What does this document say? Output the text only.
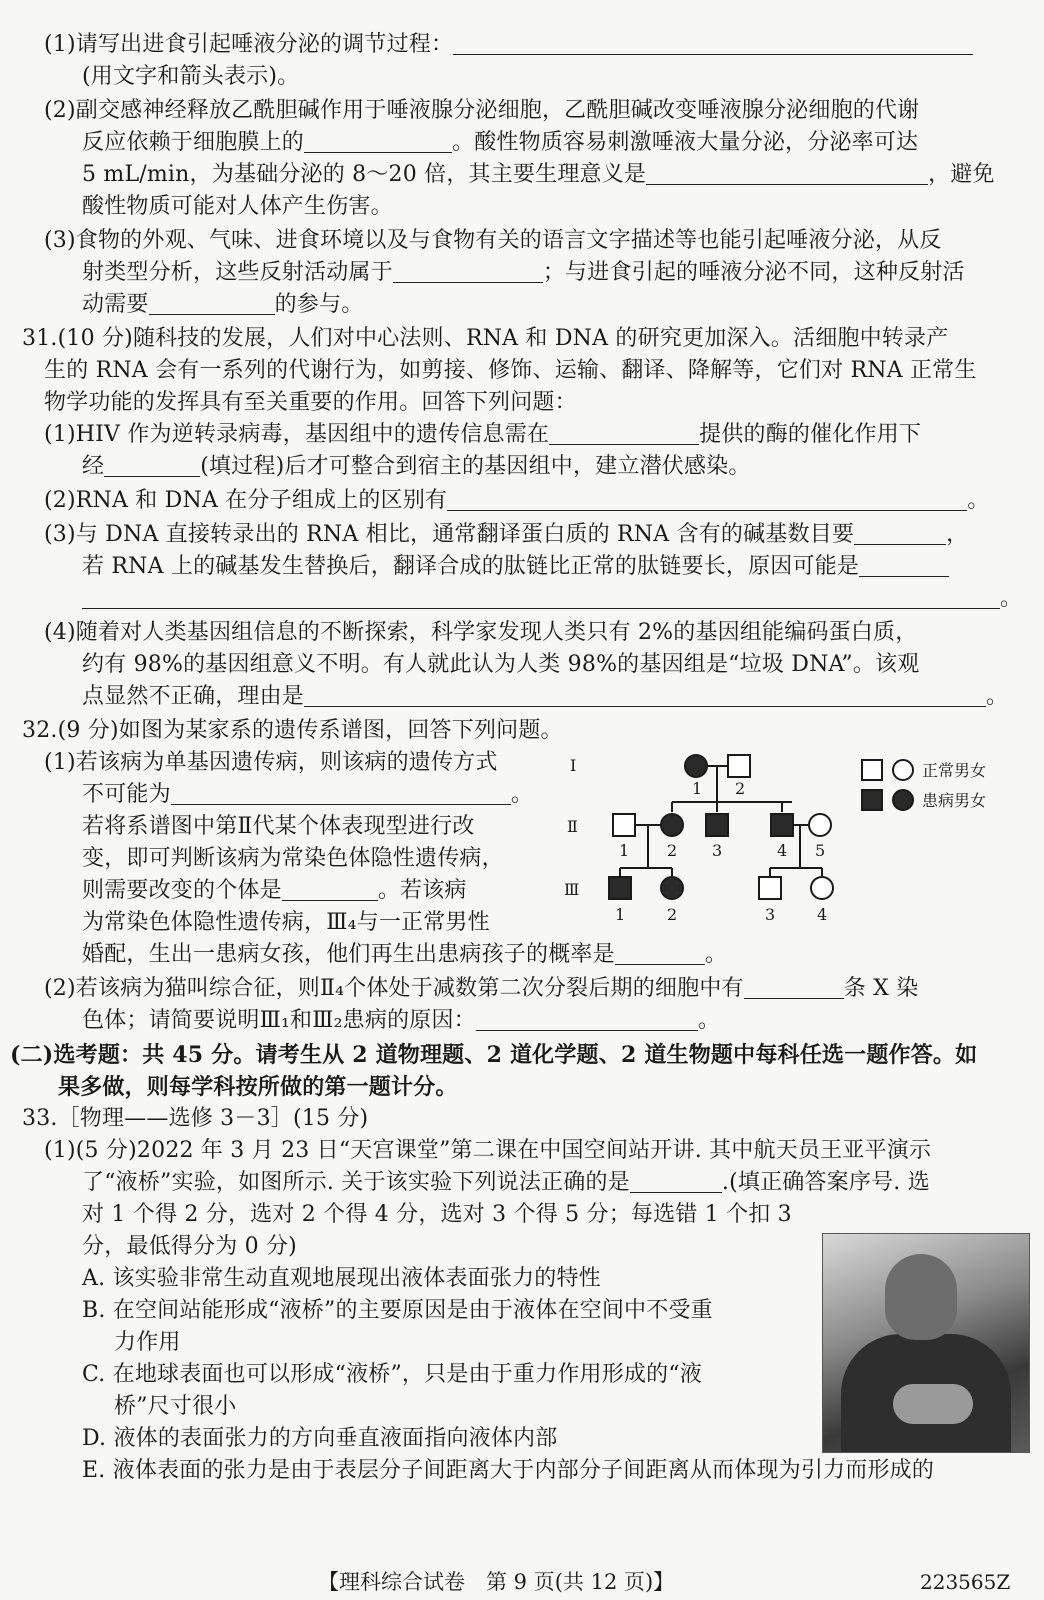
(1)请写出进食引起唾液分泌的调节过程：
(用文字和箭头表示)。
(2)副交感神经释放乙酰胆碱作用于唾液腺分泌细胞，乙酰胆碱改变唾液腺分泌细胞的代谢
反应依赖于细胞膜上的	。酸性物质容易刺激唾液大量分泌，分泌率可达
5 mL/min，为基础分泌的 8～20 倍，其主要生理意义是	，避免
酸性物质可能对人体产生伤害。
(3)食物的外观、气味、进食环境以及与食物有关的语言文字描述等也能引起唾液分泌，从反
射类型分析，这些反射活动属于	；与进食引起的唾液分泌不同，这种反射活
动需要	的参与。
31.(10 分)随科技的发展，人们对中心法则、RNA 和 DNA 的研究更加深入。活细胞中转录产
生的 RNA 会有一系列的代谢行为，如剪接、修饰、运输、翻译、降解等，它们对 RNA 正常生
物学功能的发挥具有至关重要的作用。回答下列问题：
(1)HIV 作为逆转录病毒，基因组中的遗传信息需在	提供的酶的催化作用下
经	(填过程)后才可整合到宿主的基因组中，建立潜伏感染。
(2)RNA 和 DNA 在分子组成上的区别有	。
(3)与 DNA 直接转录出的 RNA 相比，通常翻译蛋白质的 RNA 含有的碱基数目要	，
若 RNA 上的碱基发生替换后，翻译合成的肽链比正常的肽链要长，原因可能是
。
(4)随着对人类基因组信息的不断探索，科学家发现人类只有 2%的基因组能编码蛋白质，
约有 98%的基因组意义不明。有人就此认为人类 98%的基因组是“垃圾 DNA”。该观
点显然不正确，理由是	。
32.(9 分)如图为某家系的遗传系谱图，回答下列问题。
(1)若该病为单基因遗传病，则该病的遗传方式
不可能为	。
若将系谱图中第Ⅱ代某个体表现型进行改
变，即可判断该病为常染色体隐性遗传病，
则需要改变的个体是	。若该病
为常染色体隐性遗传病，Ⅲ₄与一正常男性
婚配，生出一患病女孩，他们再生出患病孩子的概率是	。
(2)若该病为猫叫综合征，则Ⅱ₄个体处于减数第二次分裂后期的细胞中有	条 X 染
色体；请简要说明Ⅲ₁和Ⅲ₂患病的原因：	。
Ⅰ
Ⅱ
Ⅲ
1 2
1 2 3	4 5
1	2	3	4
正常男女
患病男女
(二)选考题：共 45 分。请考生从 2 道物理题、2 道化学题、2 道生物题中每科任选一题作答。如
果多做，则每学科按所做的第一题计分。
33.［物理——选修 3－3］(15 分)
(1)(5 分)2022 年 3 月 23 日“天宫课堂”第二课在中国空间站开讲. 其中航天员王亚平演示
了“液桥”实验，如图所示. 关于该实验下列说法正确的是	.(填正确答案序号. 选
对 1 个得 2 分，选对 2 个得 4 分，选对 3 个得 5 分；每选错 1 个扣 3
分，最低得分为 0 分)
A. 该实验非常生动直观地展现出液体表面张力的特性
B. 在空间站能形成“液桥”的主要原因是由于液体在空间中不受重
力作用
C. 在地球表面也可以形成“液桥”，只是由于重力作用形成的“液
桥”尺寸很小
D. 液体的表面张力的方向垂直液面指向液体内部
E. 液体表面的张力是由于表层分子间距离大于内部分子间距离从而体现为引力而形成的
【理科综合试卷　第 9 页(共 12 页)】	223565Z
